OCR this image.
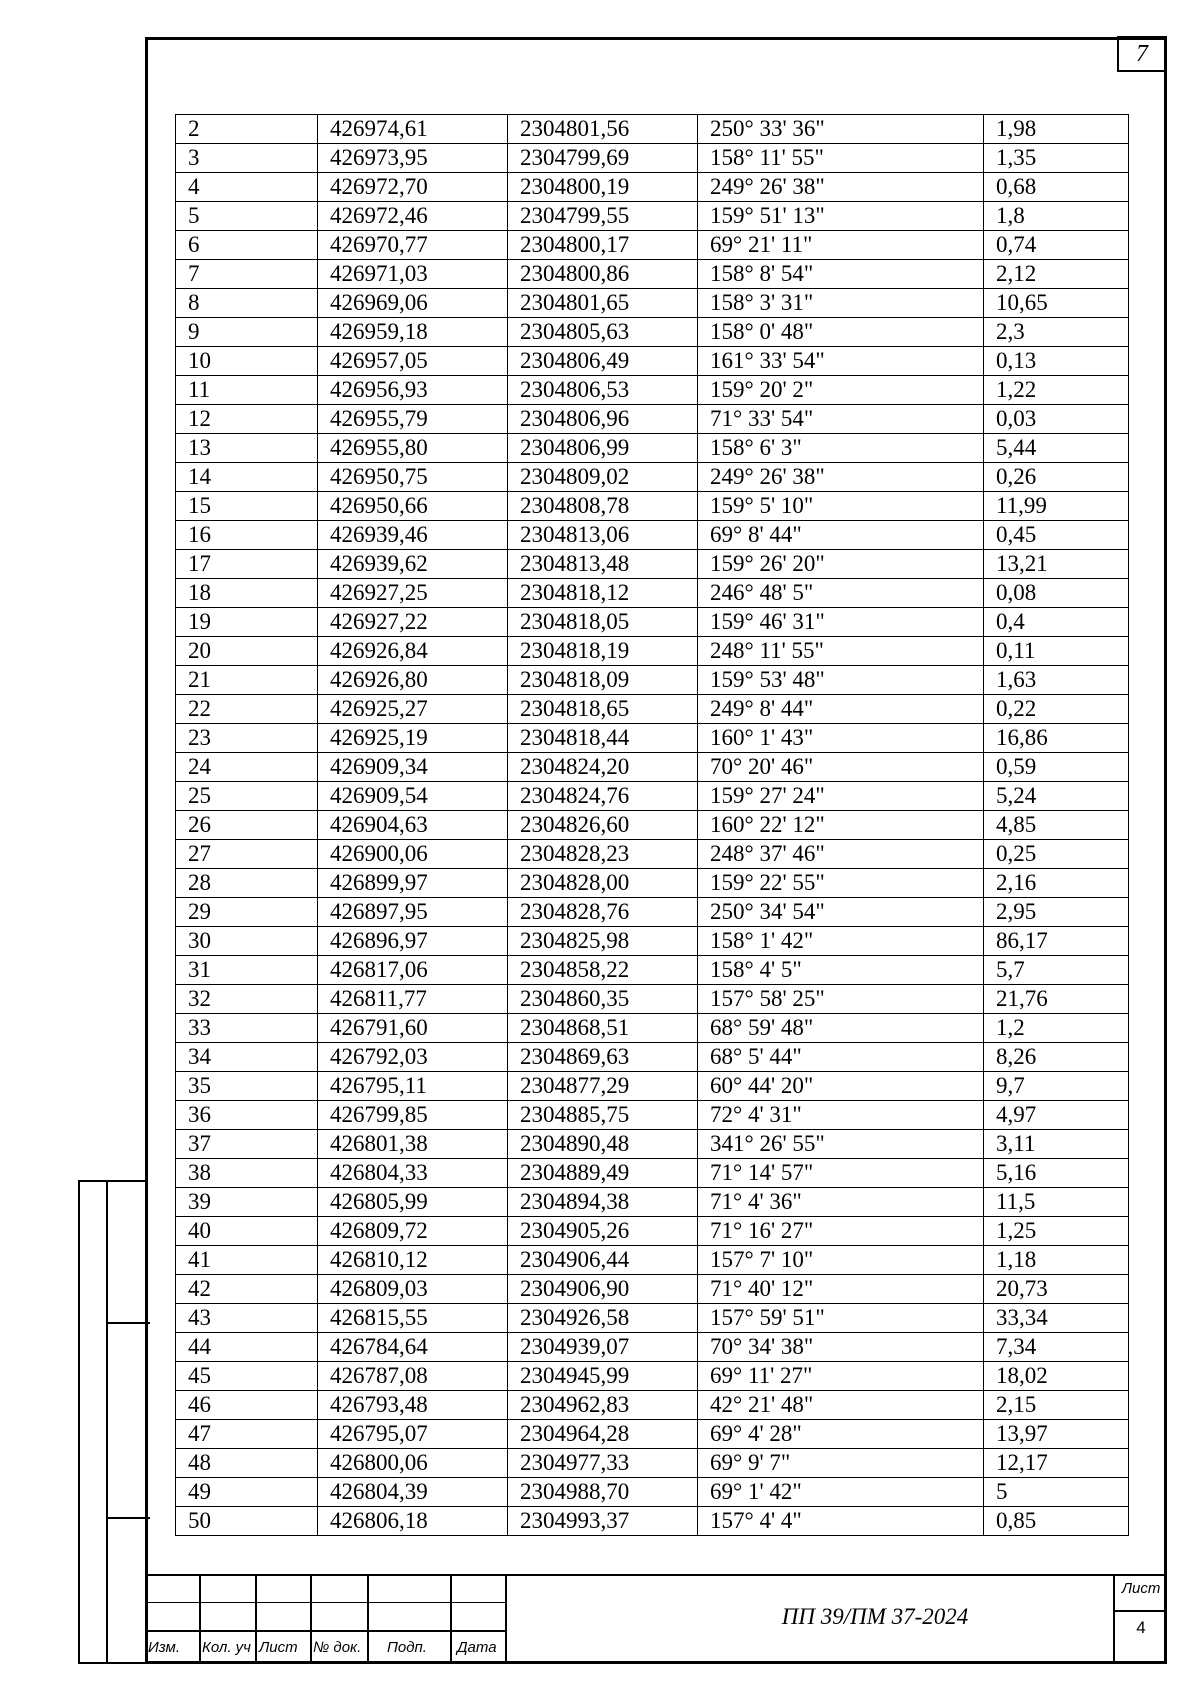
7
2	426974,61	2304801,56	250° 33' 36"	1,98
3	426973,95	2304799,69	158° 11' 55"	1,35
4	426972,70	2304800,19	249° 26' 38"	0,68
5	426972,46	2304799,55	159° 51' 13"	1,8
6	426970,77	2304800,17	69° 21' 11"	0,74
7	426971,03	2304800,86	158° 8' 54"	2,12
8	426969,06	2304801,65	158° 3' 31"	10,65
9	426959,18	2304805,63	158° 0' 48"	2,3
10	426957,05	2304806,49	161° 33' 54"	0,13
11	426956,93	2304806,53	159° 20' 2"	1,22
12	426955,79	2304806,96	71° 33' 54"	0,03
13	426955,80	2304806,99	158° 6' 3"	5,44
14	426950,75	2304809,02	249° 26' 38"	0,26
15	426950,66	2304808,78	159° 5' 10"	11,99
16	426939,46	2304813,06	69° 8' 44"	0,45
17	426939,62	2304813,48	159° 26' 20"	13,21
18	426927,25	2304818,12	246° 48' 5"	0,08
19	426927,22	2304818,05	159° 46' 31"	0,4
20	426926,84	2304818,19	248° 11' 55"	0,11
21	426926,80	2304818,09	159° 53' 48"	1,63
22	426925,27	2304818,65	249° 8' 44"	0,22
23	426925,19	2304818,44	160° 1' 43"	16,86
24	426909,34	2304824,20	70° 20' 46"	0,59
25	426909,54	2304824,76	159° 27' 24"	5,24
26	426904,63	2304826,60	160° 22' 12"	4,85
27	426900,06	2304828,23	248° 37' 46"	0,25
28	426899,97	2304828,00	159° 22' 55"	2,16
29	426897,95	2304828,76	250° 34' 54"	2,95
30	426896,97	2304825,98	158° 1' 42"	86,17
31	426817,06	2304858,22	158° 4' 5"	5,7
32	426811,77	2304860,35	157° 58' 25"	21,76
33	426791,60	2304868,51	68° 59' 48"	1,2
34	426792,03	2304869,63	68° 5' 44"	8,26
35	426795,11	2304877,29	60° 44' 20"	9,7
36	426799,85	2304885,75	72° 4' 31"	4,97
37	426801,38	2304890,48	341° 26' 55"	3,11
38	426804,33	2304889,49	71° 14' 57"	5,16
39	426805,99	2304894,38	71° 4' 36"	11,5
40	426809,72	2304905,26	71° 16' 27"	1,25
41	426810,12	2304906,44	157° 7' 10"	1,18
42	426809,03	2304906,90	71° 40' 12"	20,73
43	426815,55	2304926,58	157° 59' 51"	33,34
44	426784,64	2304939,07	70° 34' 38"	7,34
45	426787,08	2304945,99	69° 11' 27"	18,02
46	426793,48	2304962,83	42° 21' 48"	2,15
47	426795,07	2304964,28	69° 4' 28"	13,97
48	426800,06	2304977,33	69° 9' 7"	12,17
49	426804,39	2304988,70	69° 1' 42"	5
50	426806,18	2304993,37	157° 4' 4"	0,85
Изм. Кол. уч Лист № док. Подп. Дата
ПП 39/ПМ 37-2024
Лист
4
